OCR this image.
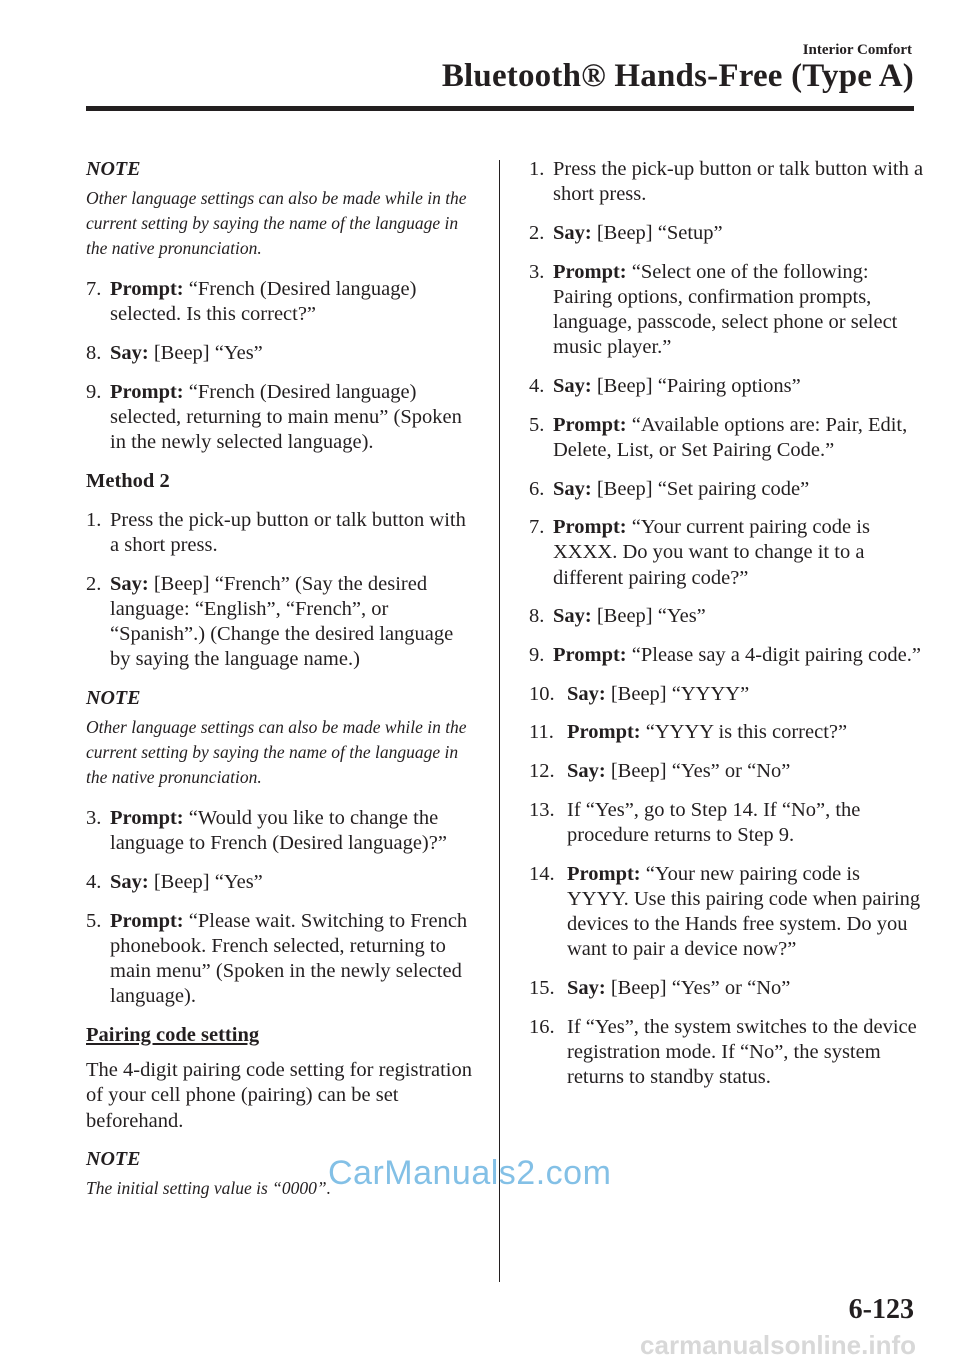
Interior Comfort
Bluetooth® Hands-Free (Type A)
NOTE
Other language settings can also be made while in the current setting by saying the name of the language in the native pronunciation.
7. Prompt: “French (Desired language) selected. Is this correct?”
8. Say: [Beep] “Yes”
9. Prompt: “French (Desired language) selected, returning to main menu” (Spoken in the newly selected language).
Method 2
1. Press the pick-up button or talk button with a short press.
2. Say: [Beep] “French” (Say the desired language: “English”, “French”, or “Spanish”.) (Change the desired language by saying the language name.)
NOTE
Other language settings can also be made while in the current setting by saying the name of the language in the native pronunciation.
3. Prompt: “Would you like to change the language to French (Desired language)?”
4. Say: [Beep] “Yes”
5. Prompt: “Please wait. Switching to French phonebook. French selected, returning to main menu” (Spoken in the newly selected language).
Pairing code setting
The 4-digit pairing code setting for registration of your cell phone (pairing) can be set beforehand.
NOTE
The initial setting value is “0000”.
1. Press the pick-up button or talk button with a short press.
2. Say: [Beep] “Setup”
3. Prompt: “Select one of the following: Pairing options, confirmation prompts, language, passcode, select phone or select music player.”
4. Say: [Beep] “Pairing options”
5. Prompt: “Available options are: Pair, Edit, Delete, List, or Set Pairing Code.”
6. Say: [Beep] “Set pairing code”
7. Prompt: “Your current pairing code is XXXX. Do you want to change it to a different pairing code?”
8. Say: [Beep] “Yes”
9. Prompt: “Please say a 4-digit pairing code.”
10. Say: [Beep] “YYYY”
11. Prompt: “YYYY is this correct?”
12. Say: [Beep] “Yes” or “No”
13. If “Yes”, go to Step 14. If “No”, the procedure returns to Step 9.
14. Prompt: “Your new pairing code is YYYY. Use this pairing code when pairing devices to the Hands free system. Do you want to pair a device now?”
15. Say: [Beep] “Yes” or “No”
16. If “Yes”, the system switches to the device registration mode. If “No”, the system returns to standby status.
CarManuals2.com
6-123
carmanualsonline.info
